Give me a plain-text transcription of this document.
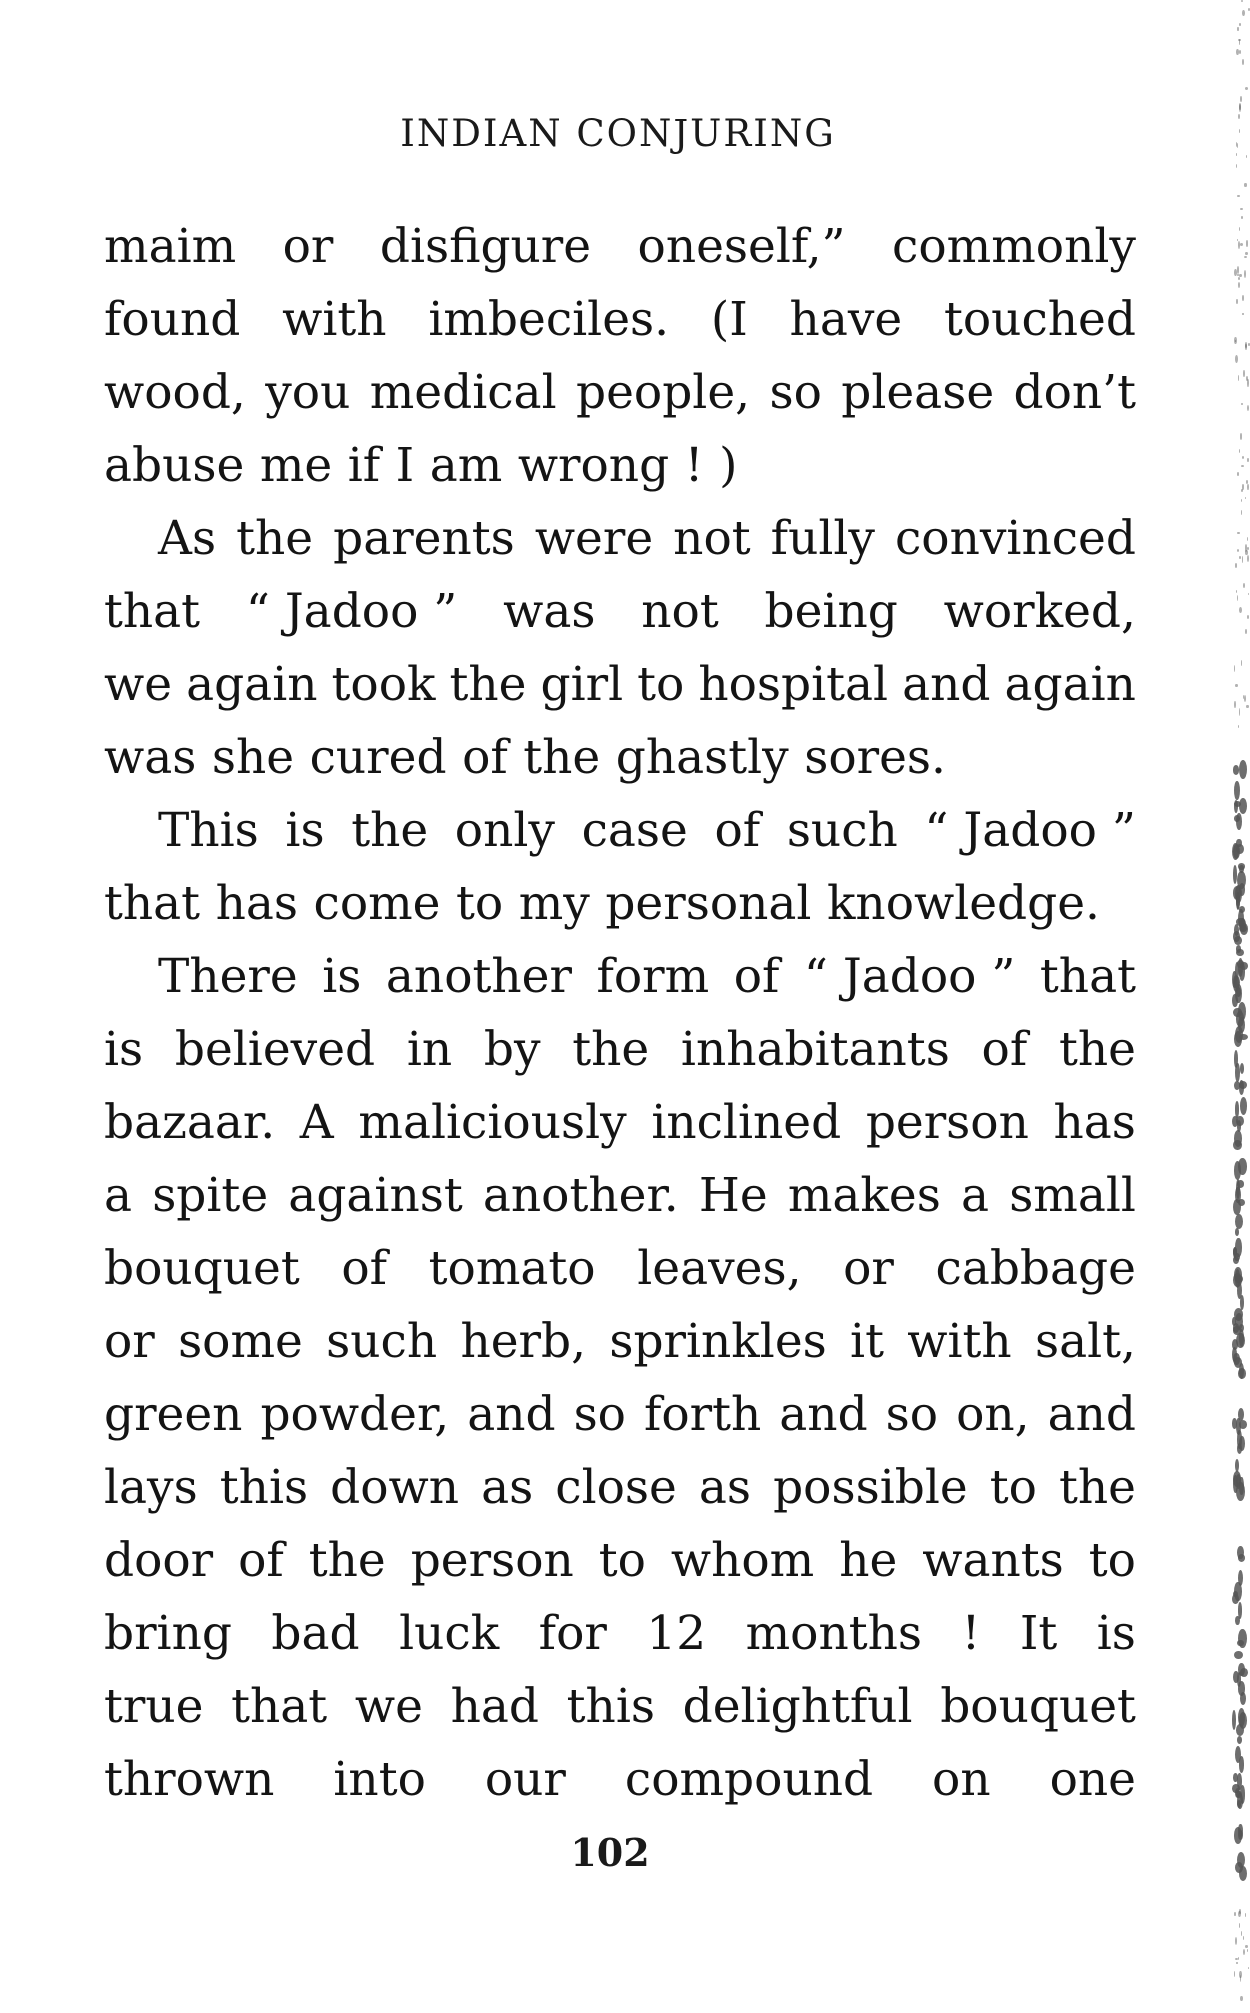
INDIAN CONJURING
maim or disfigure oneself,” commonly
found with imbeciles. (I have touched
wood, you medical people, so please don’t
abuse me if I am wrong ! )
As the parents were not fully convinced
that “ Jadoo ” was not being worked,
we again took the girl to hospital and again
was she cured of the ghastly sores.
This is the only case of such “ Jadoo ”
that has come to my personal knowledge.
There is another form of “ Jadoo ” that
is believed in by the inhabitants of the
bazaar. A maliciously inclined person has
a spite against another. He makes a small
bouquet of tomato leaves, or cabbage
or some such herb, sprinkles it with salt,
green powder, and so forth and so on, and
lays this down as close as possible to the
door of the person to whom he wants to
bring bad luck for 12 months ! It is
true that we had this delightful bouquet
thrown into our compound on one
102
